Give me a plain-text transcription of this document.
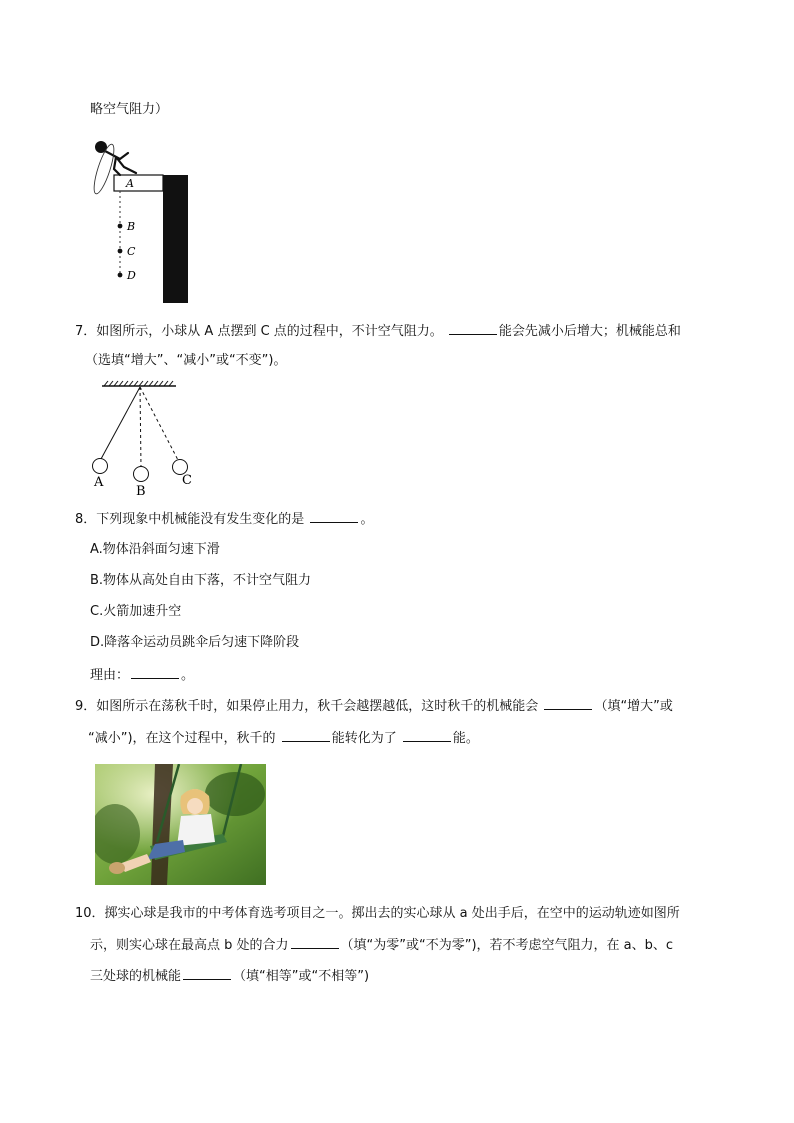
略空气阻力）
A
B
C
D
7．如图所示，小球从 A 点摆到 C 点的过程中，不计空气阻力。	能会先减小后增大；机械能总和
（选填“增大”、“减小”或“不变”)。
A
B
C
8．下列现象中机械能没有发生变化的是	。
A.物体沿斜面匀速下滑
B.物体从高处自由下落，不计空气阻力
C.火箭加速升空
D.降落伞运动员跳伞后匀速下降阶段
理由：	。
9．如图所示在荡秋千时，如果停止用力，秋千会越摆越低，这时秋千的机械能会	（填“增大”或
“减小”)，在这个过程中，秋千的	能转化为了	能。
10．掷实心球是我市的中考体育选考项目之一。掷出去的实心球从 a 处出手后，在空中的运动轨迹如图所
示，则实心球在最高点 b 处的合力	（填“为零”或“不为零”)，若不考虑空气阻力，在 a、b、c
三处球的机械能	（填“相等”或“不相等”)
